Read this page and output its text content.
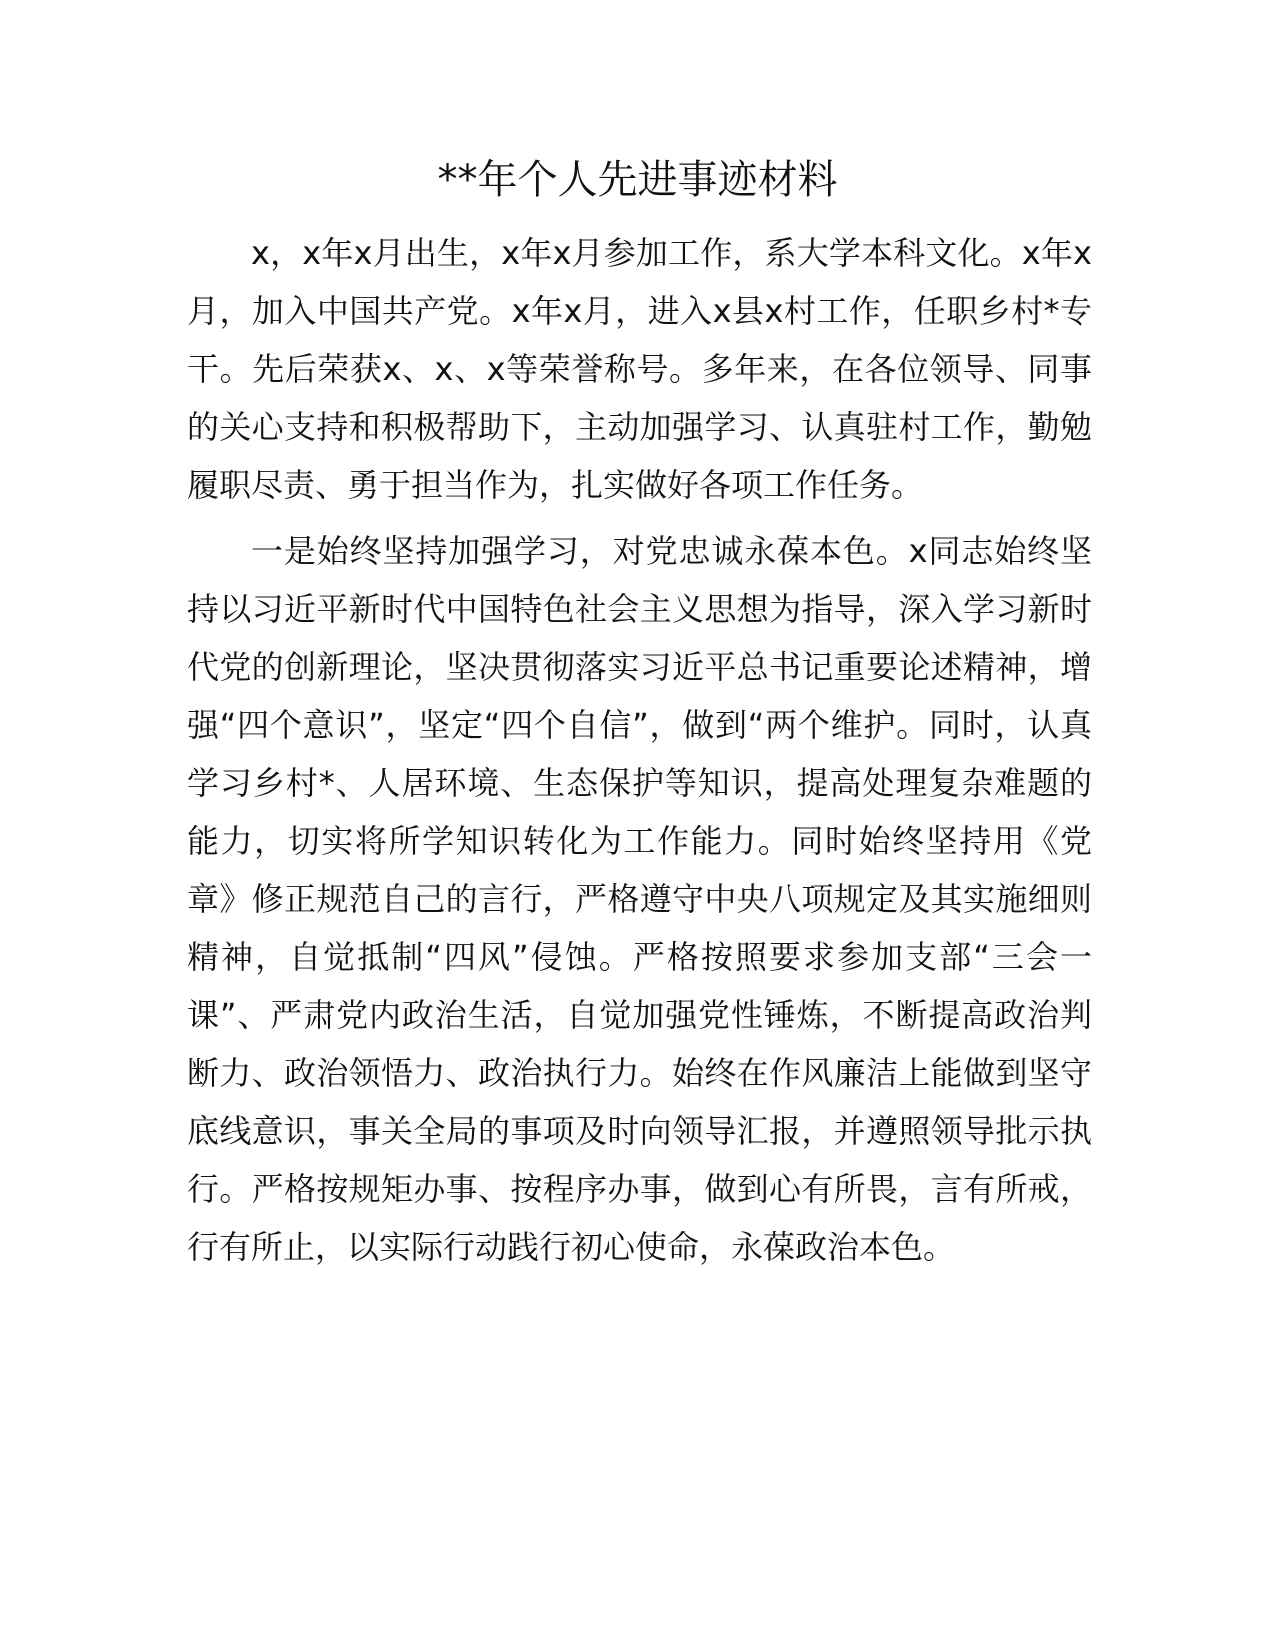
**年个人先进事迹材料

x，x年x月出生，x年x月参加工作，系大学本科文化。x年x月，加入中国共产党。x年x月，进入x县x村工作，任职乡村*专干。先后荣获x、x、x等荣誉称号。多年来，在各位领导、同事的关心支持和积极帮助下，主动加强学习、认真驻村工作，勤勉履职尽责、勇于担当作为，扎实做好各项工作任务。

一是始终坚持加强学习，对党忠诚永葆本色。x同志始终坚持以习近平新时代中国特色社会主义思想为指导，深入学习新时代党的创新理论，坚决贯彻落实习近平总书记重要论述精神，增强“四个意识”，坚定“四个自信”，做到“两个维护。同时，认真学习乡村*、人居环境、生态保护等知识，提高处理复杂难题的能力，切实将所学知识转化为工作能力。同时始终坚持用《党章》修正规范自己的言行，严格遵守中央八项规定及其实施细则精神，自觉抵制“四风”侵蚀。严格按照要求参加支部“三会一课”、严肃党内政治生活，自觉加强党性锤炼，不断提高政治判断力、政治领悟力、政治执行力。始终在作风廉洁上能做到坚守底线意识，事关全局的事项及时向领导汇报，并遵照领导批示执行。严格按规矩办事、按程序办事，做到心有所畏，言有所戒，行有所止，以实际行动践行初心使命，永葆政治本色。
